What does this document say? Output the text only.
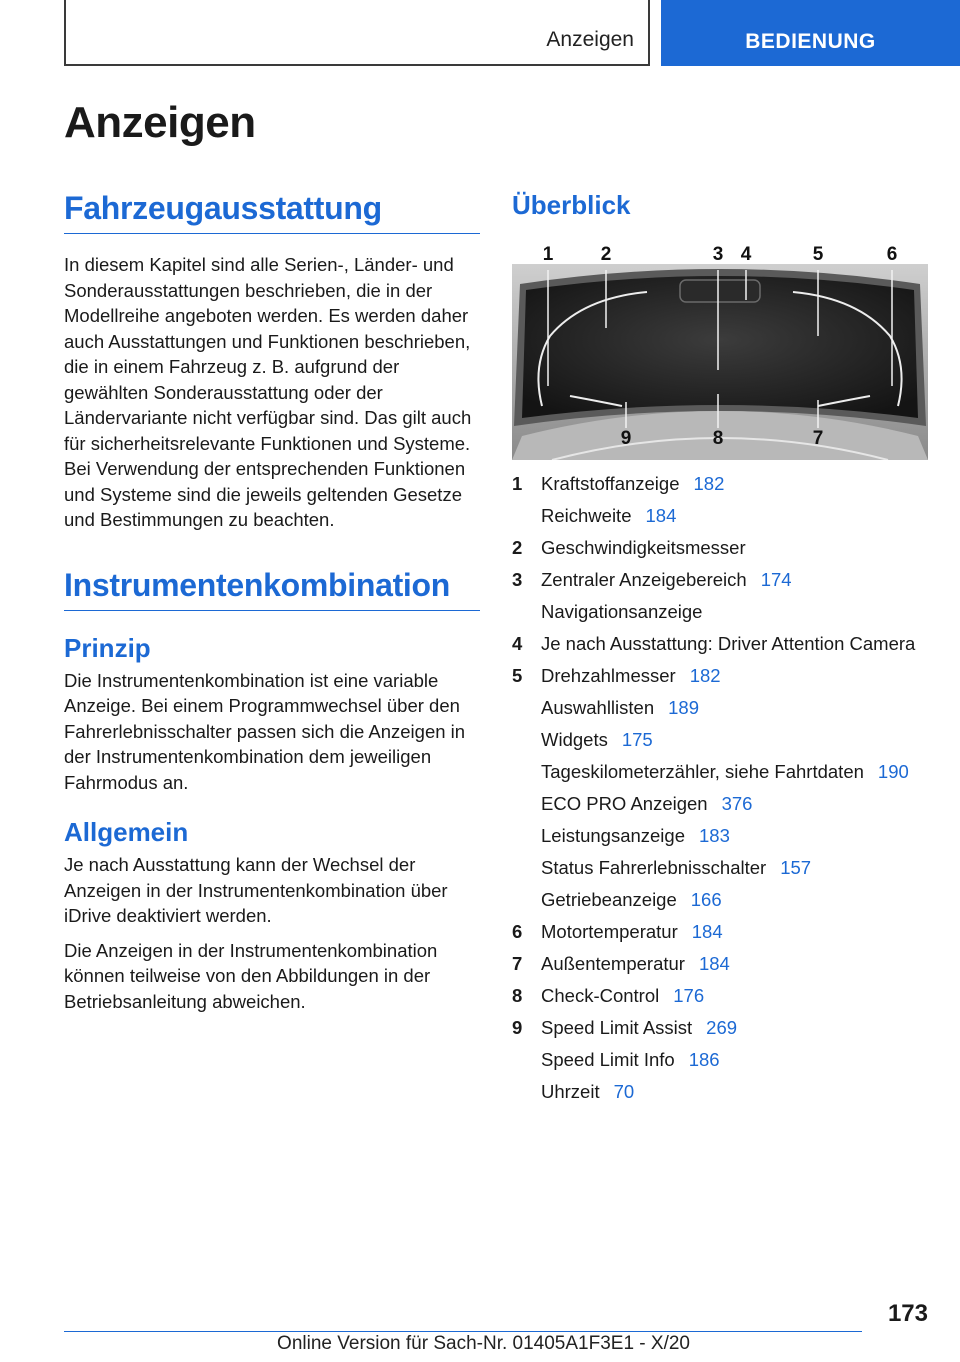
Anzeigen	BEDIENUNG
Anzeigen
Fahrzeugausstattung
In diesem Kapitel sind alle Serien-, Länder- und Sonderausstattungen beschrieben, die in der Modellreihe angeboten werden. Es werden daher auch Ausstattungen und Funktionen beschrieben, die in einem Fahrzeug z. B. aufgrund der gewählten Sonderausstattung oder der Ländervariante nicht verfügbar sind. Das gilt auch für sicherheitsrelevante Funktionen und Systeme. Bei Verwendung der entsprechenden Funktionen und Systeme sind die jeweils geltenden Gesetze und Bestimmungen zu beachten.
Instrumentenkombination
Prinzip
Die Instrumentenkombination ist eine variable Anzeige. Bei einem Programmwechsel über den Fahrerlebnisschalter passen sich die Anzeigen in der Instrumentenkombination dem jeweiligen Fahrmodus an.
Allgemein
Je nach Ausstattung kann der Wechsel der Anzeigen in der Instrumentenkombination über iDrive deaktiviert werden.
Die Anzeigen in der Instrumentenkombination können teilweise von den Abbildungen in der Betriebsanleitung abweichen.
Überblick
1 2	3 4	5	6
9	8	7
1	Kraftstoffanzeige 182
Reichweite 184
2	Geschwindigkeitsmesser
3	Zentraler Anzeigebereich 174
Navigationsanzeige
4	Je nach Ausstattung: Driver Attention Camera
5	Drehzahlmesser 182
Auswahllisten 189
Widgets 175
Tageskilometerzähler, siehe Fahrtdaten 190
ECO PRO Anzeigen 376
Leistungsanzeige 183
Status Fahrerlebnisschalter 157
Getriebeanzeige 166
6	Motortemperatur 184
7	Außentemperatur 184
8	Check-Control 176
9	Speed Limit Assist 269
Speed Limit Info 186
Uhrzeit 70
173
Online Version für Sach-Nr. 01405A1F3E1 - X/20
